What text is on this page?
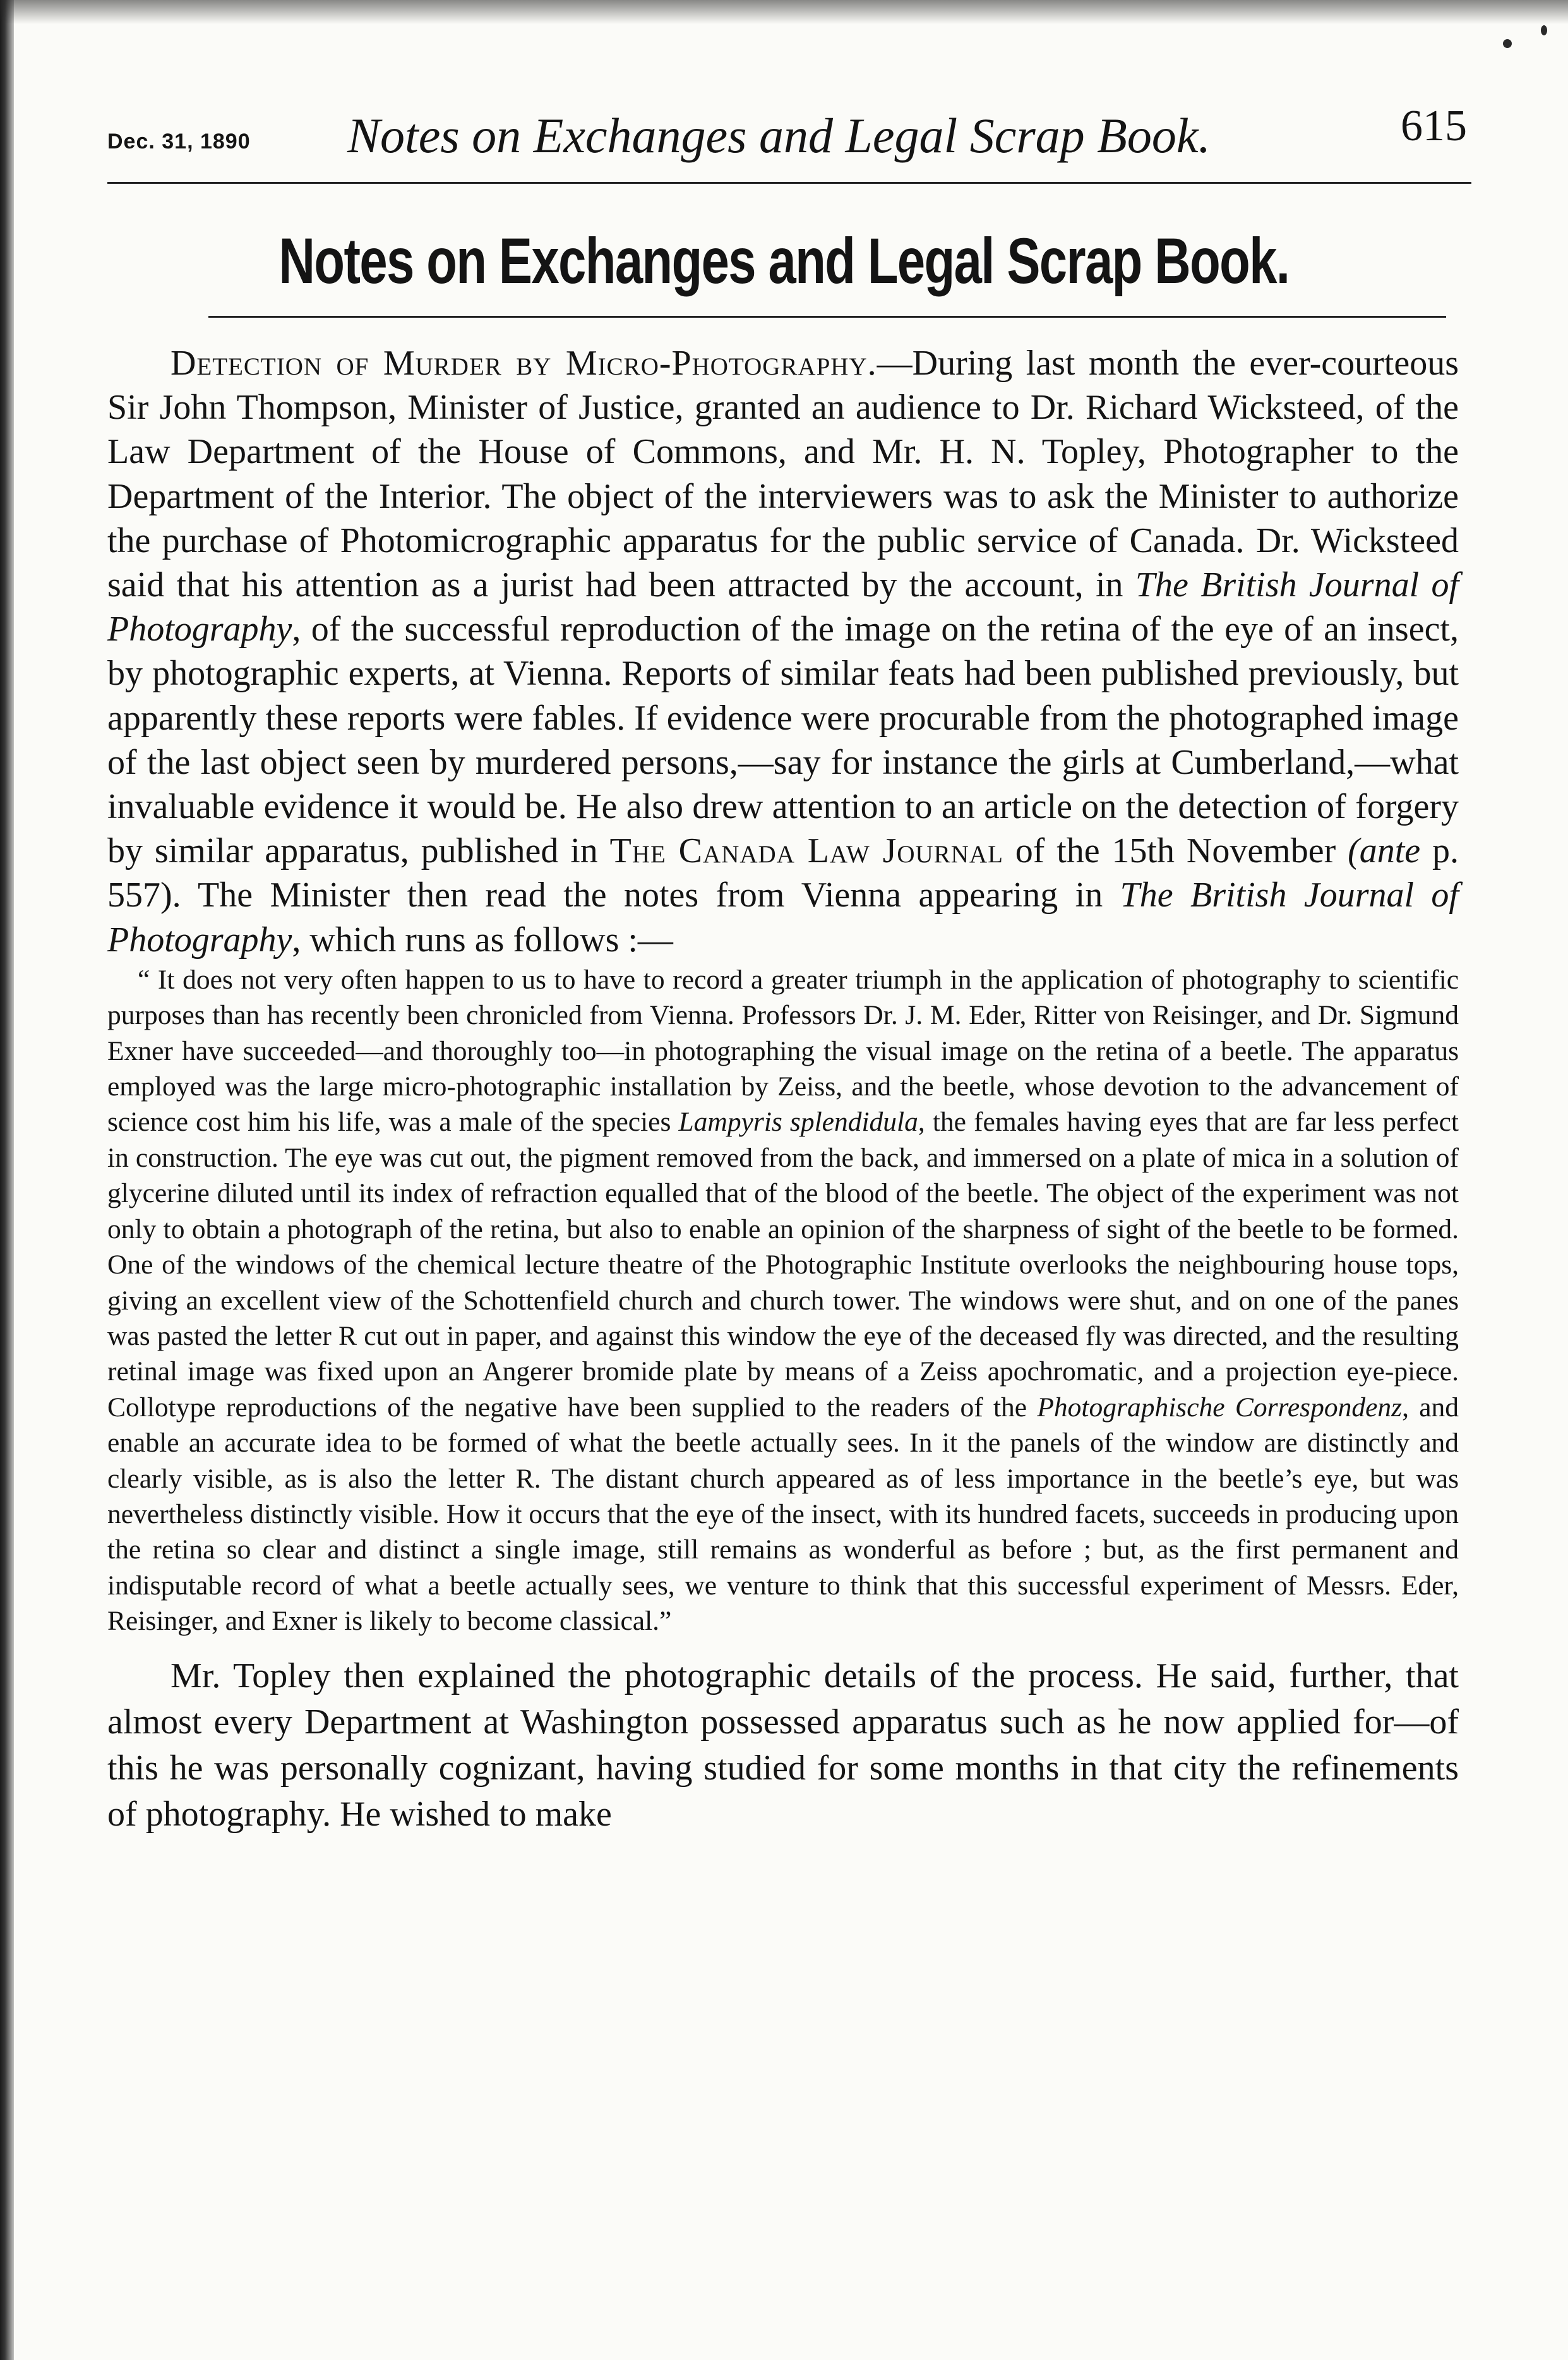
Dec. 31, 1890 Notes on Exchanges and Legal Scrap Book.	615
Notes on Exchanges and Legal Scrap Book.

Detection of Murder by Micro-Photography.—During last month the ever-courteous Sir John Thompson, Minister of Justice, granted an audience to Dr. Richard Wicksteed, of the Law Department of the House of Commons, and Mr. H. N. Topley, Photographer to the Department of the Interior. The object of the interviewers was to ask the Minister to authorize the purchase of Photomicrographic apparatus for the public service of Canada. Dr. Wicksteed said that his attention as a jurist had been attracted by the account, in The British Journal of Photography, of the successful reproduction of the image on the retina of the eye of an insect, by photographic experts, at Vienna. Reports of similar feats had been published previously, but apparently these reports were fables. If evidence were procurable from the photographed image of the last object seen by murdered persons,—say for instance the girls at Cumberland,—what invaluable evidence it would be. He also drew attention to an article on the detection of forgery by similar apparatus, published in The Canada Law Journal of the 15th November (ante p. 557). The Minister then read the notes from Vienna appearing in The British Journal of Photography, which runs as follows :—

“ It does not very often happen to us to have to record a greater triumph in the application of photography to scientific purposes than has recently been chronicled from Vienna. Professors Dr. J. M. Eder, Ritter von Reisinger, and Dr. Sigmund Exner have succeeded—and thoroughly too—in photographing the visual image on the retina of a beetle. The apparatus employed was the large micro-photographic installation by Zeiss, and the beetle, whose devotion to the advancement of science cost him his life, was a male of the species Lampyris splendidula, the females having eyes that are far less perfect in construction. The eye was cut out, the pigment removed from the back, and immersed on a plate of mica in a solution of glycerine diluted until its index of refraction equalled that of the blood of the beetle. The object of the experiment was not only to obtain a photograph of the retina, but also to enable an opinion of the sharpness of sight of the beetle to be formed. One of the windows of the chemical lecture theatre of the Photographic Institute overlooks the neighbouring house tops, giving an excellent view of the Schottenfield church and church tower. The windows were shut, and on one of the panes was pasted the letter R cut out in paper, and against this window the eye of the deceased fly was directed, and the resulting retinal image was fixed upon an Angerer bromide plate by means of a Zeiss apochromatic, and a projection eye-piece. Collotype reproductions of the negative have been supplied to the readers of the Photographische Correspondenz, and enable an accurate idea to be formed of what the beetle actually sees. In it the panels of the window are distinctly and clearly visible, as is also the letter R. The distant church appeared as of less importance in the beetle’s eye, but was nevertheless distinctly visible. How it occurs that the eye of the insect, with its hundred facets, succeeds in producing upon the retina so clear and distinct a single image, still remains as wonderful as before ; but, as the first permanent and indisputable record of what a beetle actually sees, we venture to think that this successful experiment of Messrs. Eder, Reisinger, and Exner is likely to become classical.”

Mr. Topley then explained the photographic details of the process. He said, further, that almost every Department at Washington possessed apparatus such as he now applied for—of this he was personally cognizant, having studied for some months in that city the refinements of photography. He wished to make
